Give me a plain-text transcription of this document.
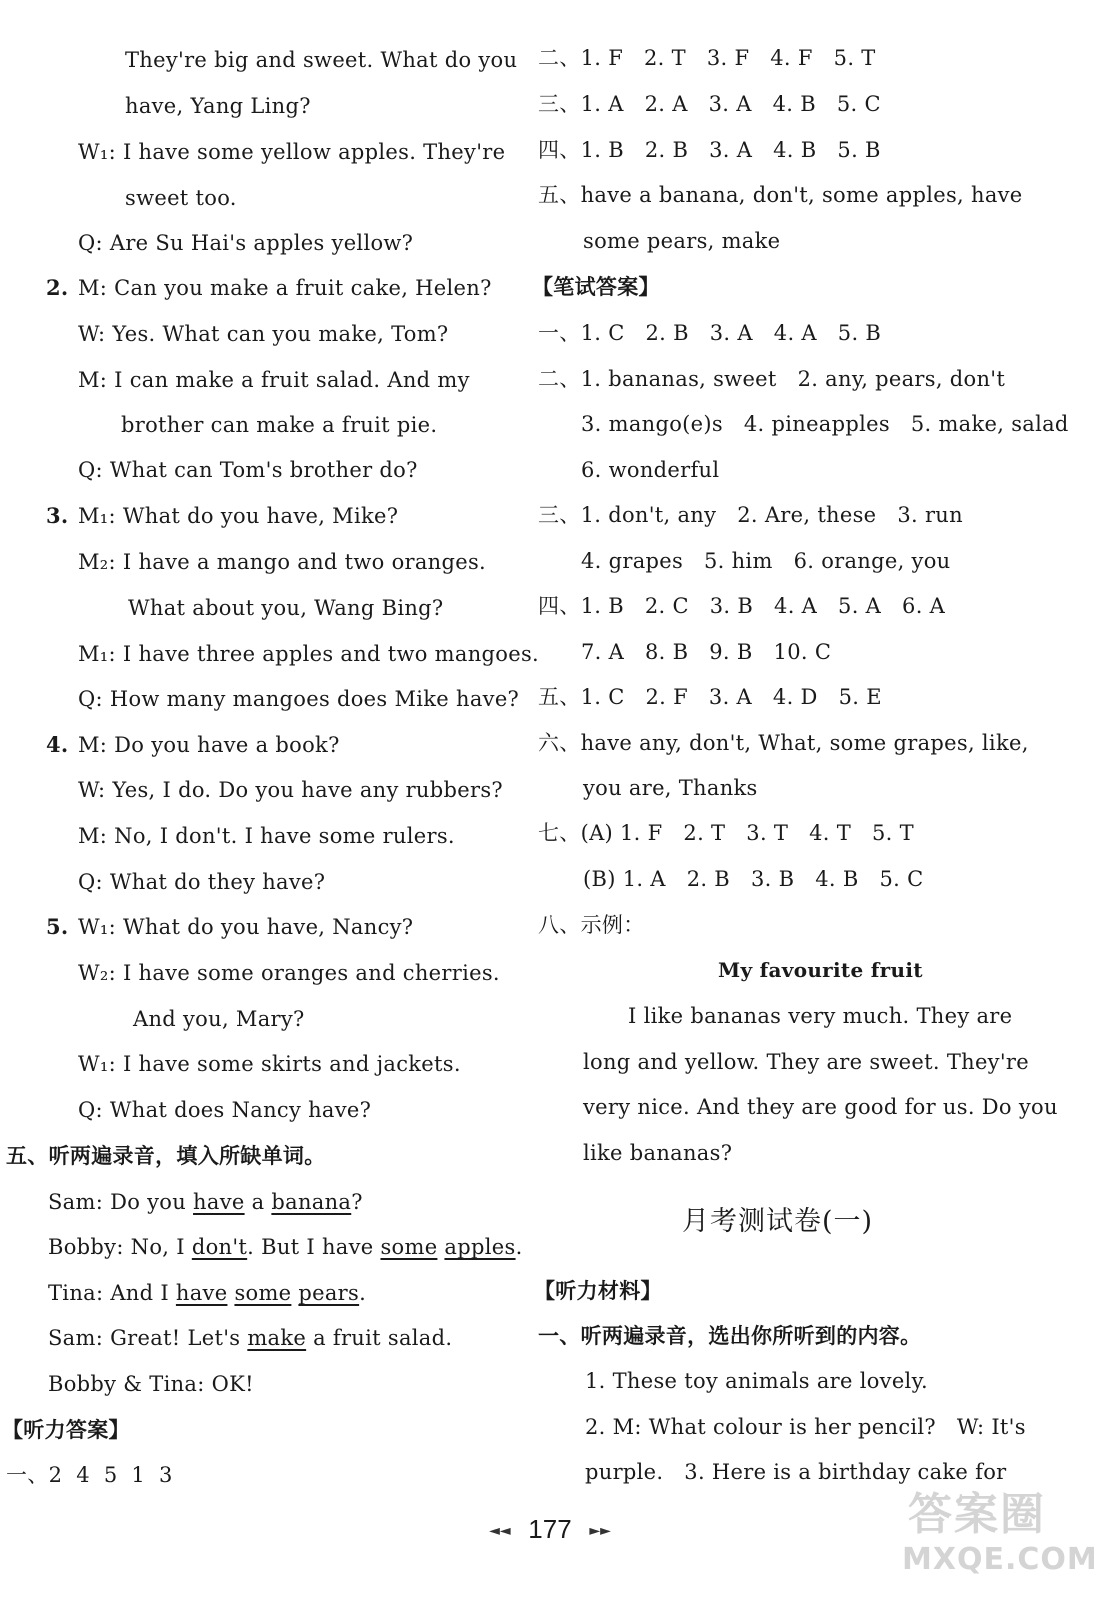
They're big and sweet. What do you
have, Yang Ling?
W₁: I have some yellow apples. They're
sweet too.
Q: Are Su Hai's apples yellow?
2. M: Can you make a fruit cake, Helen?
W: Yes. What can you make, Tom?
M: I can make a fruit salad. And my
brother can make a fruit pie.
Q: What can Tom's brother do?
3. M₁: What do you have, Mike?
M₂: I have a mango and two oranges.
What about you, Wang Bing?
M₁: I have three apples and two mangoes.
Q: How many mangoes does Mike have?
4. M: Do you have a book?
W: Yes, I do. Do you have any rubbers?
M: No, I don't. I have some rulers.
Q: What do they have?
5. W₁: What do you have, Nancy?
W₂: I have some oranges and cherries.
And you, Mary?
W₁: I have some skirts and jackets.
Q: What does Nancy have?
五、听两遍录音，填入所缺单词。
Sam: Do you have a banana?
Bobby: No, I don't. But I have some apples.
Tina: And I have some pears.
Sam: Great! Let's make a fruit salad.
Bobby & Tina: OK!
【听力答案】
一、2  4  5  1  3
二、1. F   2. T   3. F   4. F   5. T
三、1. A   2. A   3. A   4. B   5. C
四、1. B   2. B   3. A   4. B   5. B
五、have a banana, don't, some apples, have
some pears, make
【笔试答案】
一、1. C   2. B   3. A   4. A   5. B
二、1. bananas, sweet   2. any, pears, don't
3. mango(e)s   4. pineapples   5. make, salad
6. wonderful
三、1. don't, any   2. Are, these   3. run
4. grapes   5. him   6. orange, you
四、1. B   2. C   3. B   4. A   5. A   6. A
7. A   8. B   9. B   10. C
五、1. C   2. F   3. A   4. D   5. E
六、have any, don't, What, some grapes, like,
you are, Thanks
七、(A) 1. F   2. T   3. T   4. T   5. T
(B) 1. A   2. B   3. B   4. B   5. C
八、示例：
My favourite fruit
I like bananas very much. They are
long and yellow. They are sweet. They're
very nice. And they are good for us. Do you
like bananas?
月考测试卷(一)
【听力材料】
一、听两遍录音，选出你所听到的内容。
1. These toy animals are lovely.
2. M: What colour is her pencil?   W: It's
purple.   3. Here is a birthday cake for
◄◄ 177 ►►	答案圈
MXQE.COM
